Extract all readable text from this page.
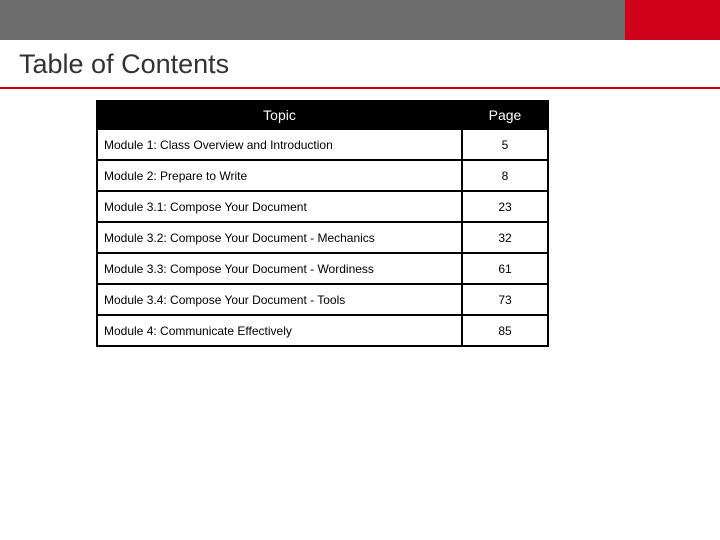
Table of Contents
Topic	Page
Module 1: Class Overview and Introduction	5
Module 2: Prepare to Write	8
Module 3.1: Compose Your Document	23
Module 3.2: Compose Your Document - Mechanics	32
Module 3.3: Compose Your Document - Wordiness	61
Module 3.4: Compose Your Document - Tools	73
Module 4: Communicate Effectively	85
